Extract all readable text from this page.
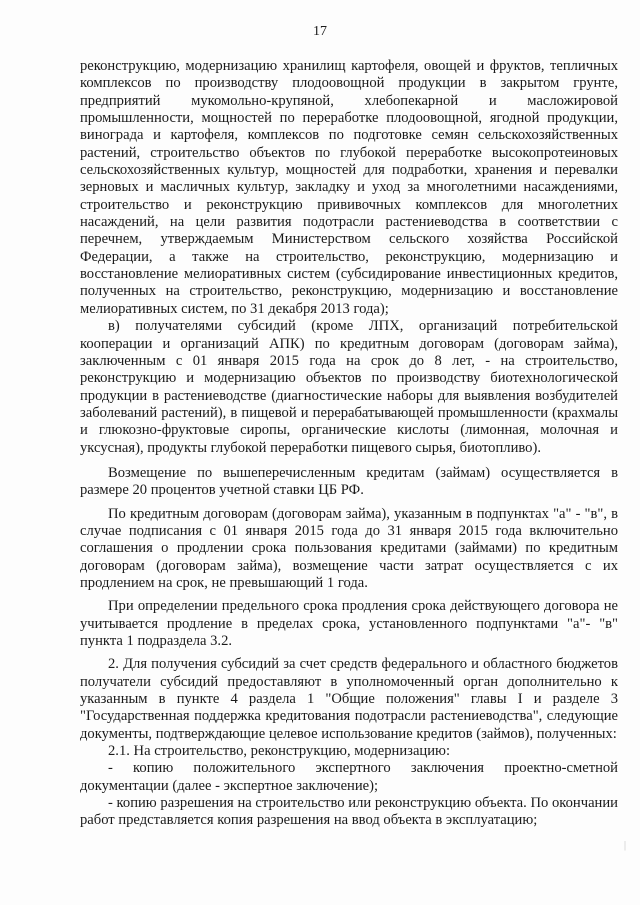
17

реконструкцию, модернизацию хранилищ картофеля, овощей и фруктов, тепличных комплексов по производству плодоовощной продукции в закрытом грунте, предприятий мукомольно-крупяной, хлебопекарной и масложировой промышленности, мощностей по переработке плодоовощной, ягодной продукции, винограда и картофеля, комплексов по подготовке семян сельскохозяйственных растений, строительство объектов по глубокой переработке высокопротеиновых сельскохозяйственных культур, мощностей для подработки, хранения и перевалки зерновых и масличных культур, закладку и уход за многолетними насаждениями, строительство и реконструкцию прививочных комплексов для многолетних насаждений, на цели развития подотрасли растениеводства в соответствии с перечнем, утверждаемым Министерством сельского хозяйства Российской Федерации, а также на строительство, реконструкцию, модернизацию и восстановление мелиоративных систем (субсидирование инвестиционных кредитов, полученных на строительство, реконструкцию, модернизацию и восстановление мелиоративных систем, по 31 декабря 2013 года);

в) получателями субсидий (кроме ЛПХ, организаций потребительской кооперации и организаций АПК) по кредитным договорам (договорам займа), заключенным с 01 января 2015 года на срок до 8 лет, - на строительство, реконструкцию и модернизацию объектов по производству биотехнологической продукции в растениеводстве (диагностические наборы для выявления возбудителей заболеваний растений), в пищевой и перерабатывающей промышленности (крахмалы и глюкозно-фруктовые сиропы, органические кислоты (лимонная, молочная и уксусная), продукты глубокой переработки пищевого сырья, биотопливо).

Возмещение по вышеперечисленным кредитам (займам) осуществляется в размере 20 процентов учетной ставки ЦБ РФ.

По кредитным договорам (договорам займа), указанным в подпунктах "а" - "в", в случае подписания с 01 января 2015 года до 31 января 2015 года включительно соглашения о продлении срока пользования кредитами (займами) по кредитным договорам (договорам займа), возмещение части затрат осуществляется с их продлением на срок, не превышающий 1 года.

При определении предельного срока продления срока действующего договора не учитывается продление в пределах срока, установленного подпунктами "а"- "в" пункта 1 подраздела 3.2.

2. Для получения субсидий за счет средств федерального и областного бюджетов получатели субсидий предоставляют в уполномоченный орган дополнительно к указанным в пункте 4 раздела 1 "Общие положения" главы I и разделе 3 "Государственная поддержка кредитования подотрасли растениеводства", следующие документы, подтверждающие целевое использование кредитов (займов), полученных:

2.1. На строительство, реконструкцию, модернизацию:

- копию положительного экспертного заключения проектно-сметной документации (далее - экспертное заключение);

- копию разрешения на строительство или реконструкцию объекта. По окончании работ представляется копия разрешения на ввод объекта в эксплуатацию;

|
